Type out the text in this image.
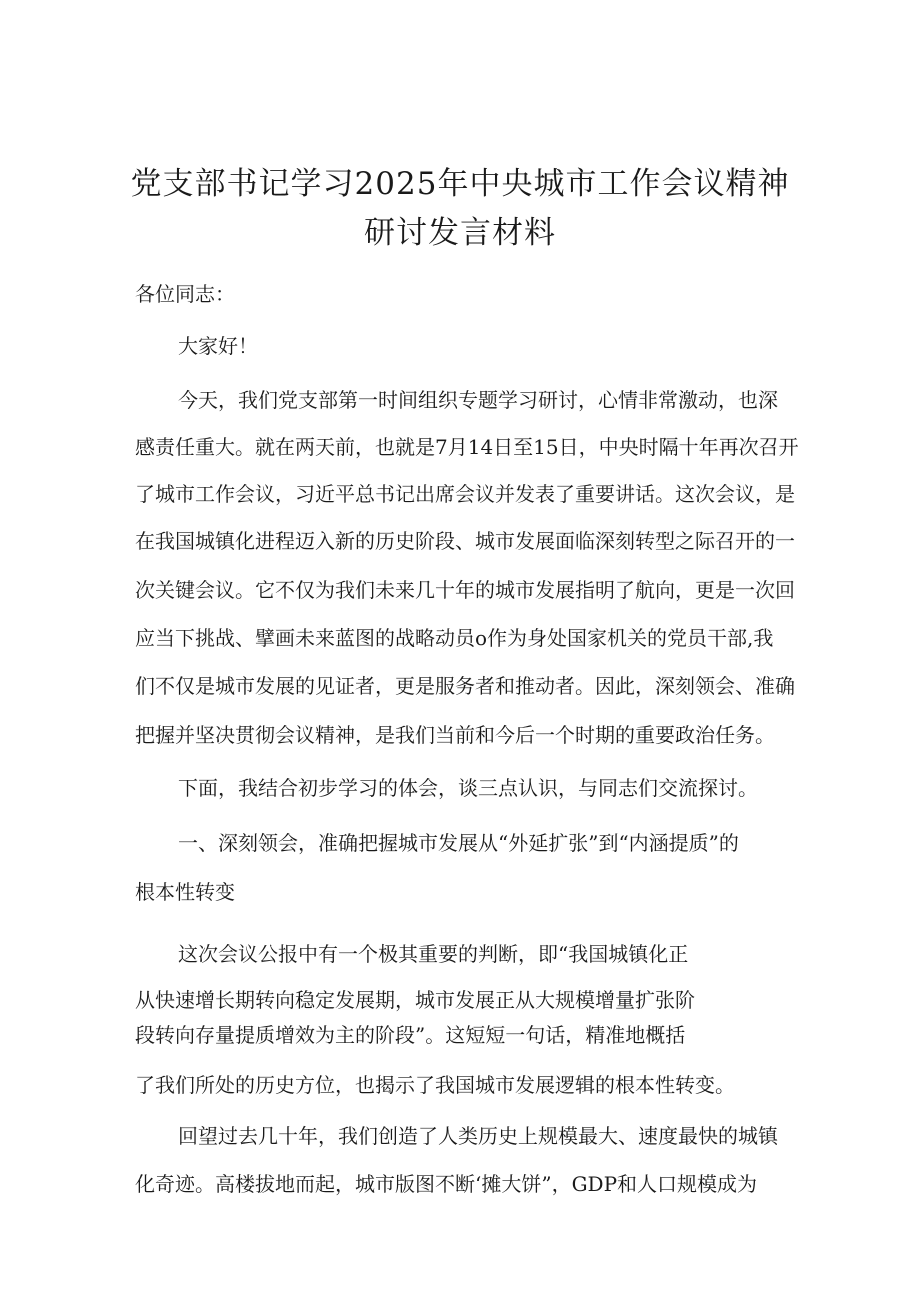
党支部书记学习2025年中央城市工作会议精神
研讨发言材料

各位同志：

大家好！

今天，我们党支部第一时间组织专题学习研讨，心情非常激动，也深

感责任重大。就在两天前，也就是7月14日至15日，中央时隔十年再次召开

了城市工作会议，习近平总书记出席会议并发表了重要讲话。这次会议，是

在我国城镇化进程迈入新的历史阶段、城市发展面临深刻转型之际召开的一

次关键会议。它不仅为我们未来几十年的城市发展指明了航向，更是一次回

应当下挑战、擘画未来蓝图的战略动员o作为身处国家机关的党员干部,我

们不仅是城市发展的见证者，更是服务者和推动者。因此，深刻领会、准确

把握并坚决贯彻会议精神，是我们当前和今后一个时期的重要政治任务。

下面，我结合初步学习的体会，谈三点认识，与同志们交流探讨。

一、深刻领会，准确把握城市发展从“外延扩张”到“内涵提质”的

根本性转变

这次会议公报中有一个极其重要的判断，即“我国城镇化正

从快速增长期转向稳定发展期，城市发展正从大规模增量扩张阶

段转向存量提质增效为主的阶段”。这短短一句话，精准地概括

了我们所处的历史方位，也揭示了我国城市发展逻辑的根本性转变。

回望过去几十年，我们创造了人类历史上规模最大、速度最快的城镇

化奇迹。高楼拔地而起，城市版图不断‘摊大饼”，GDP和人口规模成为
